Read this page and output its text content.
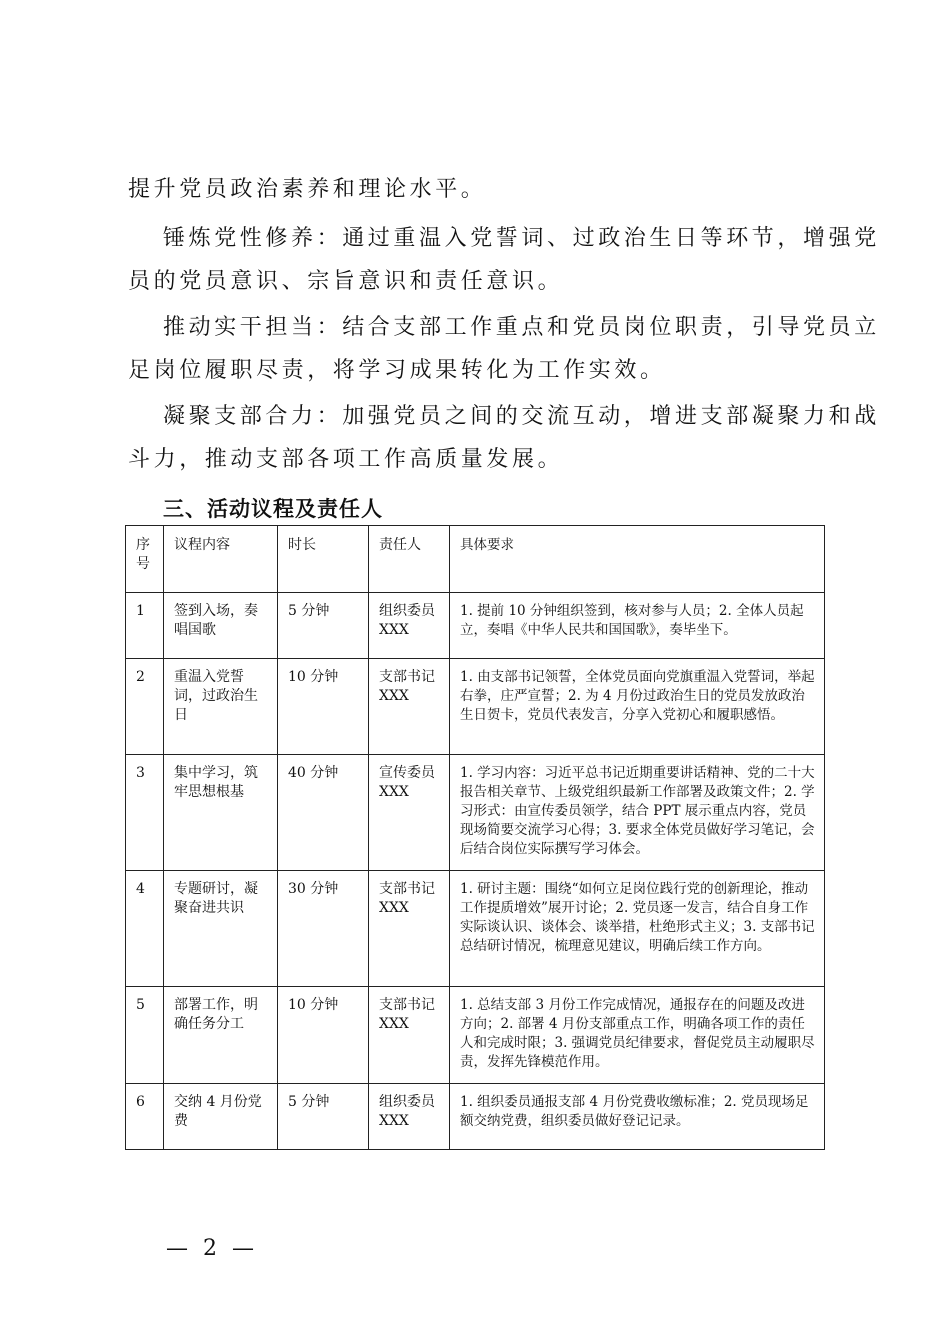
提升党员政治素养和理论水平。

锤炼党性修养：通过重温入党誓词、过政治生日等环节，增强党

员的党员意识、宗旨意识和责任意识。

推动实干担当：结合支部工作重点和党员岗位职责，引导党员立

足岗位履职尽责，将学习成果转化为工作实效。

凝聚支部合力：加强党员之间的交流互动，增进支部凝聚力和战

斗力，推动支部各项工作高质量发展。

三、活动议程及责任人
序号	议程内容	时长	责任人	具体要求
1	签到入场，奏唱国歌	5 分钟	组织委员 XXX	1. 提前 10 分钟组织签到，核对参与人员；2. 全体人员起立，奏唱《中华人民共和国国歌》，奏毕坐下。
2	重温入党誓词，过政治生日	10 分钟	支部书记 XXX	1. 由支部书记领誓，全体党员面向党旗重温入党誓词，举起右拳，庄严宣誓；2. 为 4 月份过政治生日的党员发放政治生日贺卡，党员代表发言，分享入党初心和履职感悟。
3	集中学习，筑牢思想根基	40 分钟	宣传委员 XXX	1. 学习内容：习近平总书记近期重要讲话精神、党的二十大报告相关章节、上级党组织最新工作部署及政策文件；2. 学习形式：由宣传委员领学，结合 PPT 展示重点内容，党员现场简要交流学习心得；3. 要求全体党员做好学习笔记，会后结合岗位实际撰写学习体会。
4	专题研讨，凝聚奋进共识	30 分钟	支部书记 XXX	1. 研讨主题：围绕“如何立足岗位践行党的创新理论，推动工作提质增效”展开讨论；2. 党员逐一发言，结合自身工作实际谈认识、谈体会、谈举措，杜绝形式主义；3. 支部书记总结研讨情况，梳理意见建议，明确后续工作方向。
5	部署工作，明确任务分工	10 分钟	支部书记 XXX	1. 总结支部 3 月份工作完成情况，通报存在的问题及改进方向；2. 部署 4 月份支部重点工作，明确各项工作的责任人和完成时限；3. 强调党员纪律要求，督促党员主动履职尽责，发挥先锋模范作用。
6	交纳 4 月份党费	5 分钟	组织委员 XXX	1. 组织委员通报支部 4 月份党费收缴标准；2. 党员现场足额交纳党费，组织委员做好登记记录。

— 2 —
